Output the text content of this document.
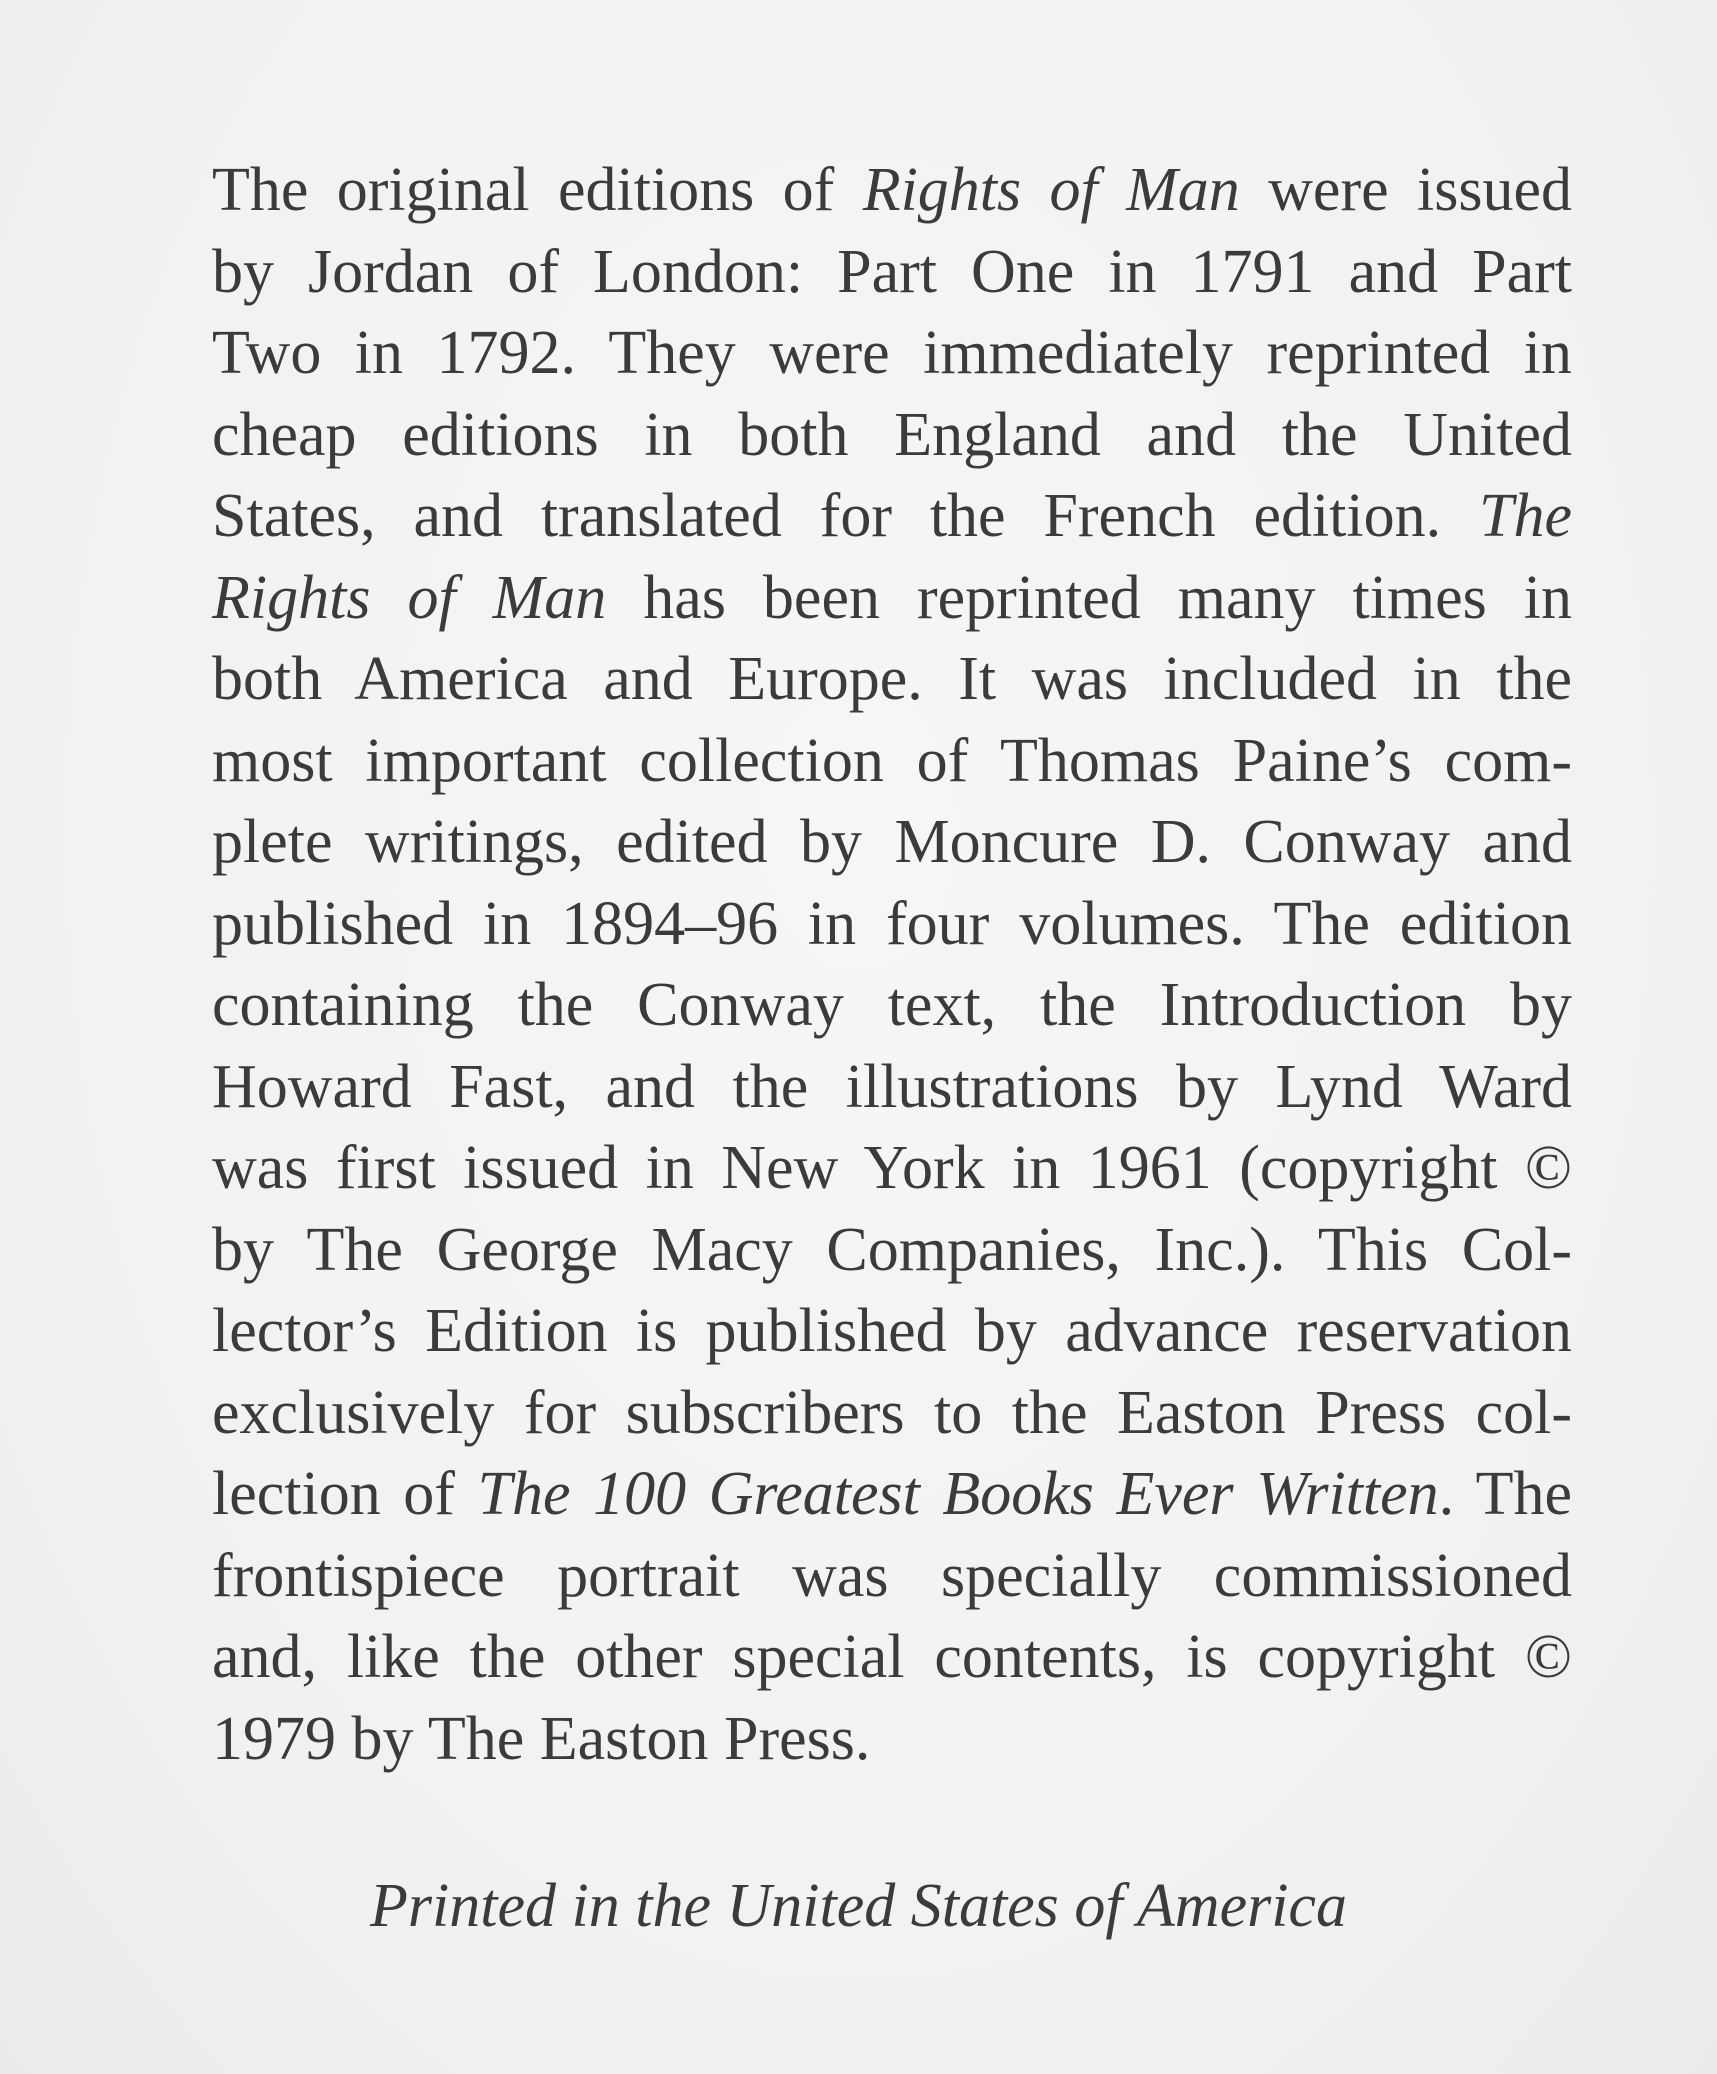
The original editions of Rights of Man were issued
by Jordan of London: Part One in 1791 and Part
Two in 1792. They were immediately reprinted in
cheap editions in both England and the United
States, and translated for the French edition. The
Rights of Man has been reprinted many times in
both America and Europe. It was included in the
most important collection of Thomas Paine’s com-
plete writings, edited by Moncure D. Conway and
published in 1894–96 in four volumes. The edition
containing the Conway text, the Introduction by
Howard Fast, and the illustrations by Lynd Ward
was first issued in New York in 1961 (copyright ©
by The George Macy Companies, Inc.). This Col-
lector’s Edition is published by advance reservation
exclusively for subscribers to the Easton Press col-
lection of The 100 Greatest Books Ever Written. The
frontispiece portrait was specially commissioned
and, like the other special contents, is copyright ©
1979 by The Easton Press.
Printed in the United States of America
